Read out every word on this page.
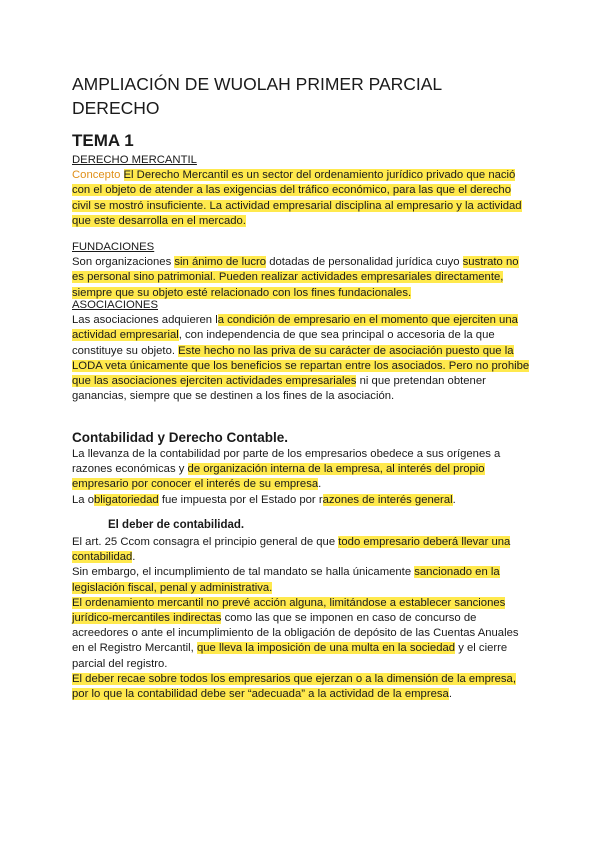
AMPLIACIÓN DE WUOLAH PRIMER PARCIAL DERECHO
TEMA 1

DERECHO MERCANTIL

Concepto El Derecho Mercantil es un sector del ordenamiento jurídico privado que nació con el objeto de atender a las exigencias del tráfico económico, para las que el derecho civil se mostró insuficiente. La actividad empresarial disciplina al empresario y la actividad que este desarrolla en el mercado.

FUNDACIONES

Son organizaciones sin ánimo de lucro dotadas de personalidad jurídica cuyo sustrato no es personal sino patrimonial. Pueden realizar actividades empresariales directamente, siempre que su objeto esté relacionado con los fines fundacionales.

ASOCIACIONES

Las asociaciones adquieren la condición de empresario en el momento que ejerciten una actividad empresarial, con independencia de que sea principal o accesoria de la que constituye su objeto. Este hecho no las priva de su carácter de asociación puesto que la LODA veta únicamente que los beneficios se repartan entre los asociados. Pero no prohibe que las asociaciones ejerciten actividades empresariales ni que pretendan obtener ganancias, siempre que se destinen a los fines de la asociación.

Contabilidad y Derecho Contable.

La llevanza de la contabilidad por parte de los empresarios obedece a sus orígenes a razones económicas y de organización interna de la empresa, al interés del propio empresario por conocer el interés de su empresa.

La obligatoriedad fue impuesta por el Estado por razones de interés general.

El deber de contabilidad.

El art. 25 Ccom consagra el principio general de que todo empresario deberá llevar una contabilidad.

Sin embargo, el incumplimiento de tal mandato se halla únicamente sancionado en la legislación fiscal, penal y administrativa.

El ordenamiento mercantil no prevé acción alguna, limitándose a establecer sanciones jurídico-mercantiles indirectas como las que se imponen en caso de concurso de acreedores o ante el incumplimiento de la obligación de depósito de las Cuentas Anuales en el Registro Mercantil, que lleva la imposición de una multa en la sociedad y el cierre parcial del registro.

El deber recae sobre todos los empresarios que ejerzan o a la dimensión de la empresa, por lo que la contabilidad debe ser “adecuada” a la actividad de la empresa.
